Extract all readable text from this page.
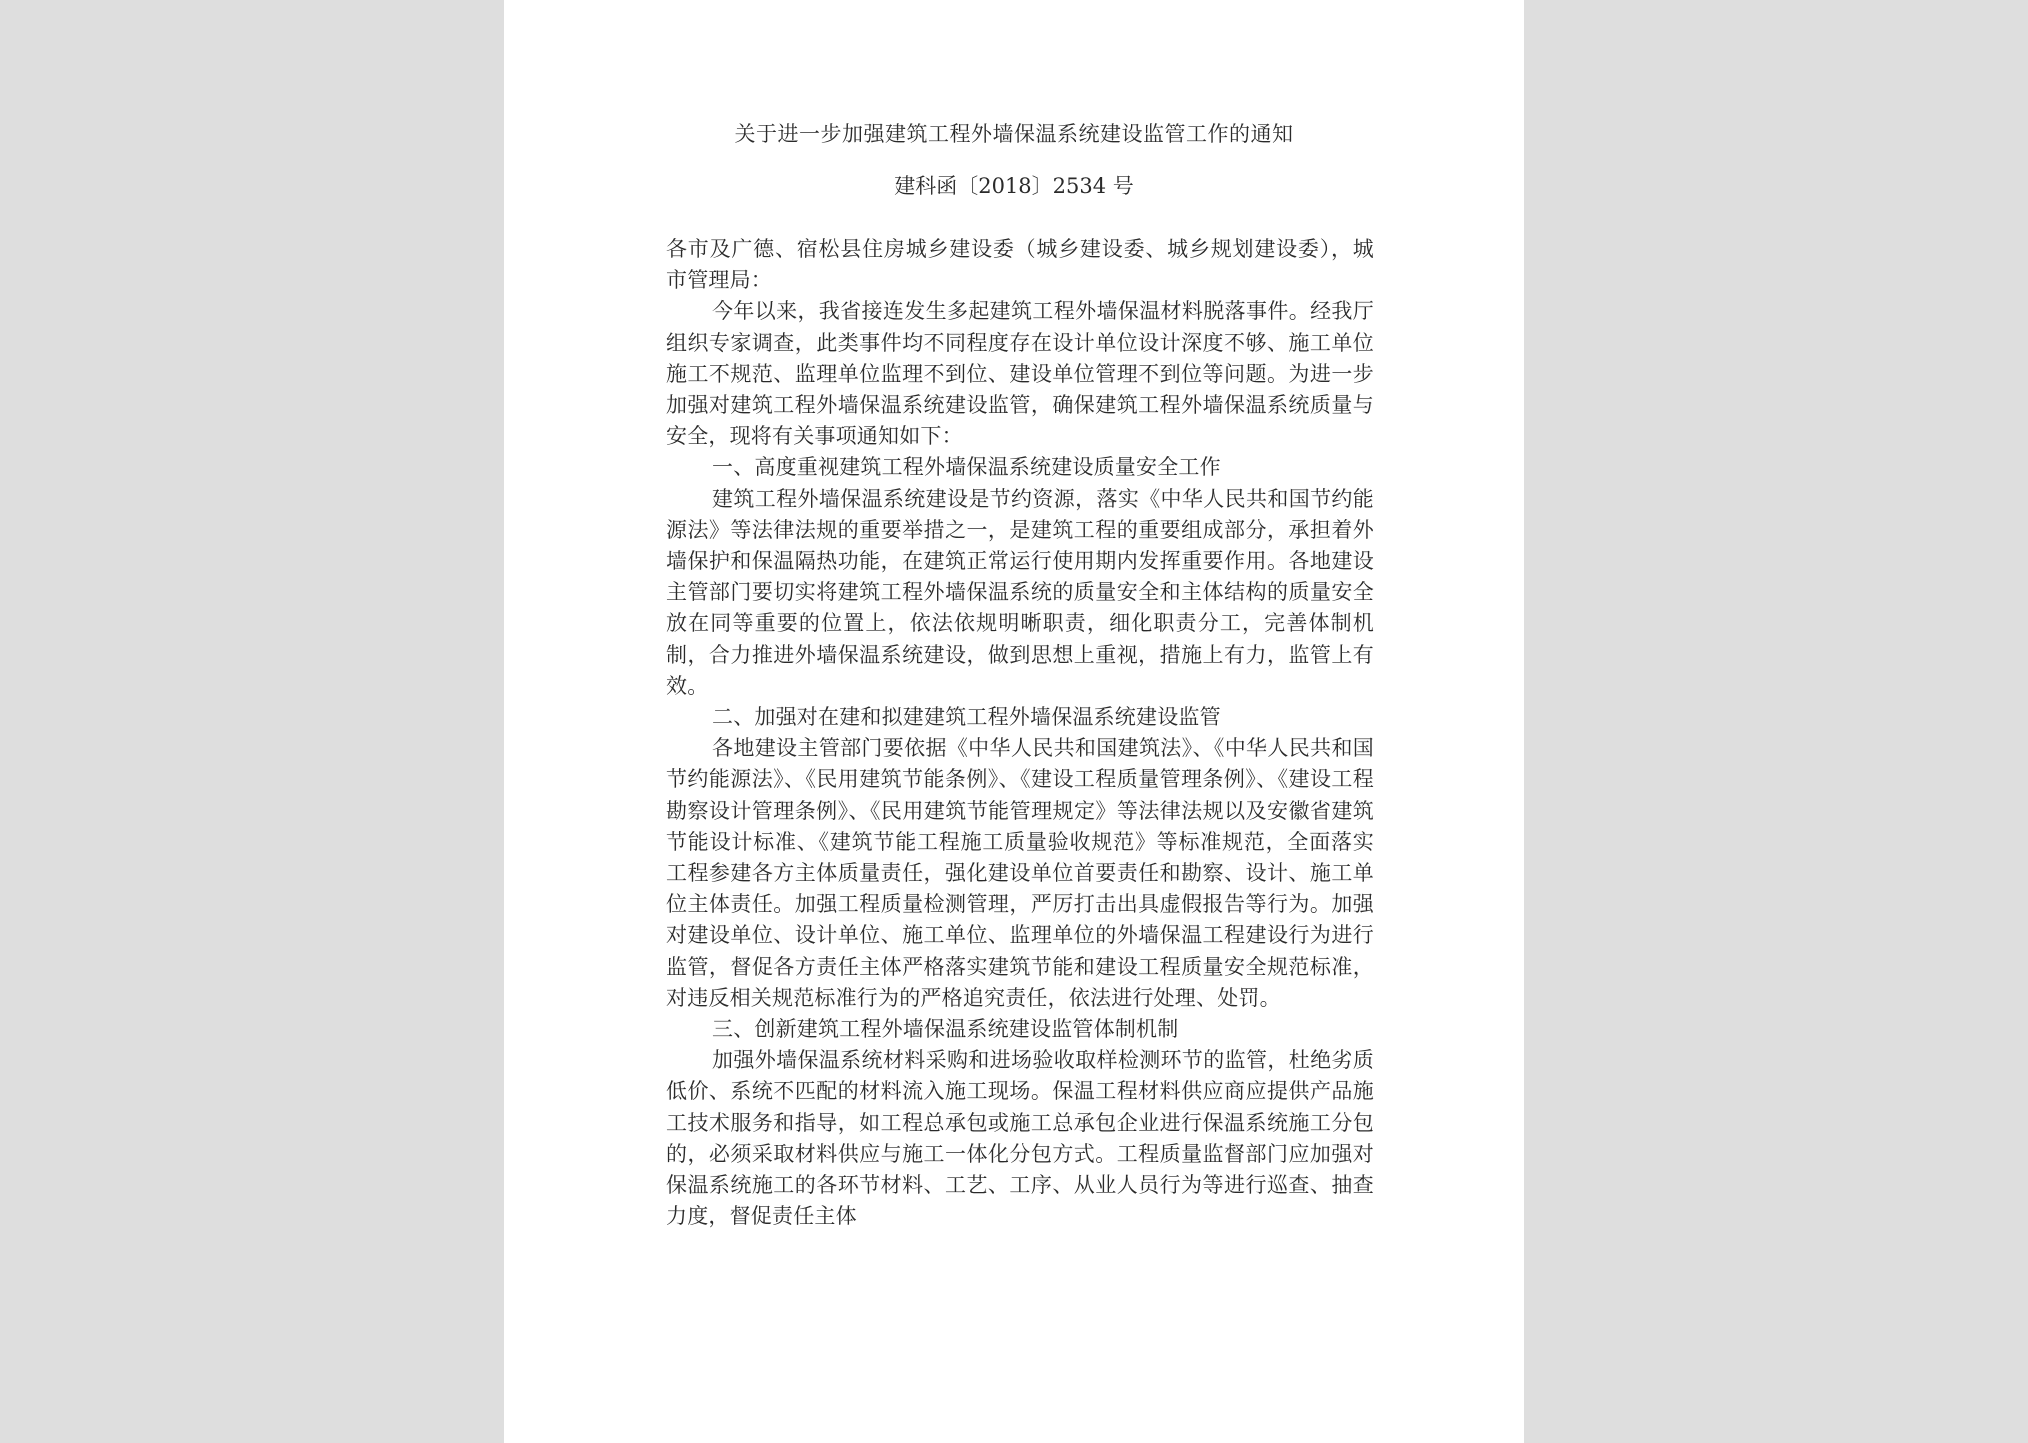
关于进一步加强建筑工程外墙保温系统建设监管工作的通知
建科函〔2018〕2534 号

各市及广德、宿松县住房城乡建设委（城乡建设委、城乡规划建设委），城市管理局：

今年以来，我省接连发生多起建筑工程外墙保温材料脱落事件。经我厅组织专家调查，此类事件均不同程度存在设计单位设计深度不够、施工单位施工不规范、监理单位监理不到位、建设单位管理不到位等问题。为进一步加强对建筑工程外墙保温系统建设监管，确保建筑工程外墙保温系统质量与安全，现将有关事项通知如下：

一、高度重视建筑工程外墙保温系统建设质量安全工作

建筑工程外墙保温系统建设是节约资源，落实《中华人民共和国节约能源法》等法律法规的重要举措之一，是建筑工程的重要组成部分，承担着外墙保护和保温隔热功能，在建筑正常运行使用期内发挥重要作用。各地建设主管部门要切实将建筑工程外墙保温系统的质量安全和主体结构的质量安全放在同等重要的位置上，依法依规明晰职责，细化职责分工，完善体制机制，合力推进外墙保温系统建设，做到思想上重视，措施上有力，监管上有效。

二、加强对在建和拟建建筑工程外墙保温系统建设监管

各地建设主管部门要依据《中华人民共和国建筑法》、《中华人民共和国节约能源法》、《民用建筑节能条例》、《建设工程质量管理条例》、《建设工程勘察设计管理条例》、《民用建筑节能管理规定》等法律法规以及安徽省建筑节能设计标准、《建筑节能工程施工质量验收规范》等标准规范，全面落实工程参建各方主体质量责任，强化建设单位首要责任和勘察、设计、施工单位主体责任。加强工程质量检测管理，严厉打击出具虚假报告等行为。加强对建设单位、设计单位、施工单位、监理单位的外墙保温工程建设行为进行监管，督促各方责任主体严格落实建筑节能和建设工程质量安全规范标准，对违反相关规范标准行为的严格追究责任，依法进行处理、处罚。

三、创新建筑工程外墙保温系统建设监管体制机制

加强外墙保温系统材料采购和进场验收取样检测环节的监管，杜绝劣质低价、系统不匹配的材料流入施工现场。保温工程材料供应商应提供产品施工技术服务和指导，如工程总承包或施工总承包企业进行保温系统施工分包的，必须采取材料供应与施工一体化分包方式。工程质量监督部门应加强对保温系统施工的各环节材料、工艺、工序、从业人员行为等进行巡查、抽查力度，督促责任主体
